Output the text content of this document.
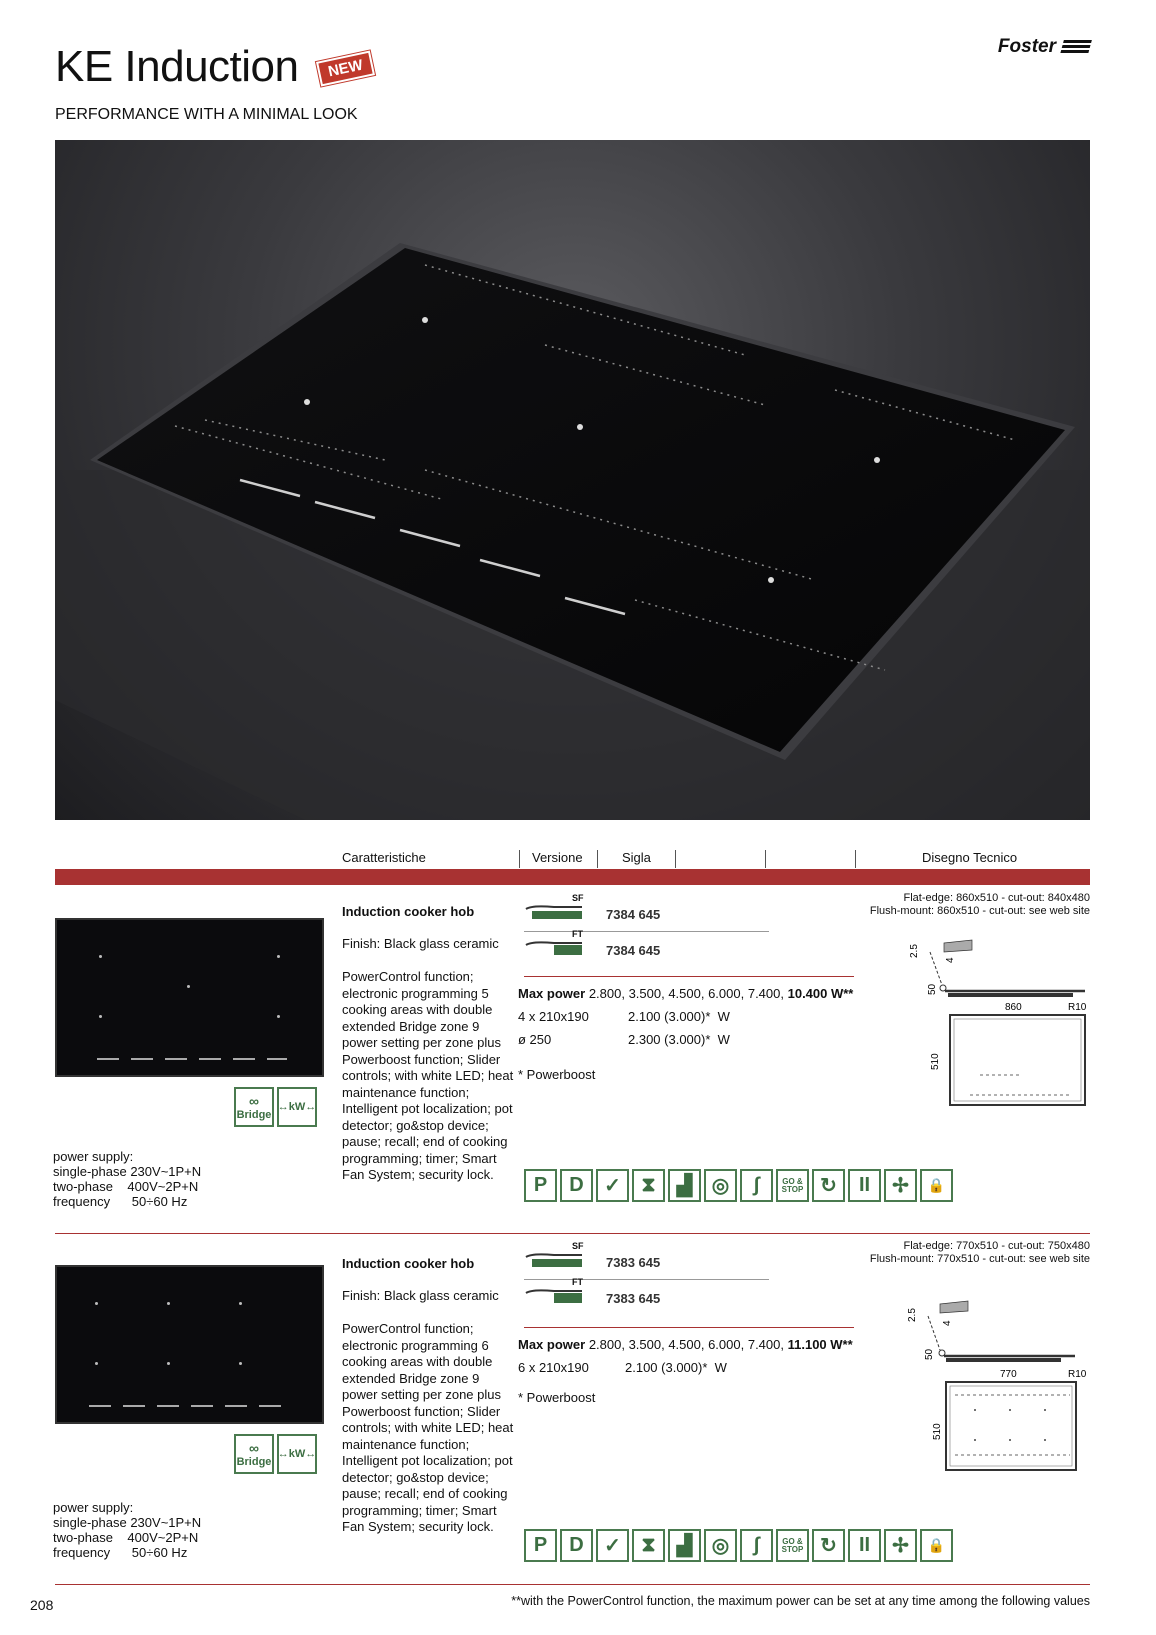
KE Induction	NEW
PERFORMANCE WITH A MINIMAL LOOK
Foster
Caratteristiche	Versione	Sigla	Disegno Tecnico
∞
Bridge
↔ kW ↔
power supply:
single-phase 230V~1P+N
two-phase    400V~2P+N
frequency      50÷60 Hz
Induction cooker hob
Finish: Black glass ceramic
PowerControl function; electronic programming 5 cooking areas with double extended Bridge zone 9 power setting per zone plus Powerboost function; Slider controls; with white LED; heat maintenance function; Intelligent pot localization; pot detector; go&stop device; pause; recall; end of cooking programming; timer; Smart Fan System; security lock.
SF
7384 645
FT
7384 645
Max power 2.800, 3.500, 4.500, 6.000, 7.400, 10.400 W**
4 x 210x190	2.100 (3.000)*  W
ø 250	2.300 (3.000)*  W
* Powerboost
Flat-edge: 860x510 - cut-out: 840x480
Flush-mount: 860x510 - cut-out: see web site
2.5
4
50
860	R10
510
P	D	✓	⧗	▟ ◎	∫	GO & STOP ↻	II	✢	🔒
∞
Bridge
↔ kW ↔
power supply:
single-phase 230V~1P+N
two-phase    400V~2P+N
frequency      50÷60 Hz
Induction cooker hob
Finish: Black glass ceramic
PowerControl function; electronic programming 6 cooking areas with double extended Bridge zone 9 power setting per zone plus Powerboost function; Slider controls; with white LED; heat maintenance function; Intelligent pot localization; pot detector; go&stop device; pause; recall; end of cooking programming; timer; Smart Fan System; security lock.
SF
7383 645
FT
7383 645
Max power 2.800, 3.500, 4.500, 6.000, 7.400, 11.100 W**
6 x 210x190	2.100 (3.000)*  W
* Powerboost
Flat-edge: 770x510 - cut-out: 750x480
Flush-mount: 770x510 - cut-out: see web site
2.5
4
50
770	R10
510
P	D	✓	⧗	▟ ◎	∫	GO & STOP ↻	II	✢	🔒
208	**with the PowerControl function, the maximum power can be set at any time among the following values
